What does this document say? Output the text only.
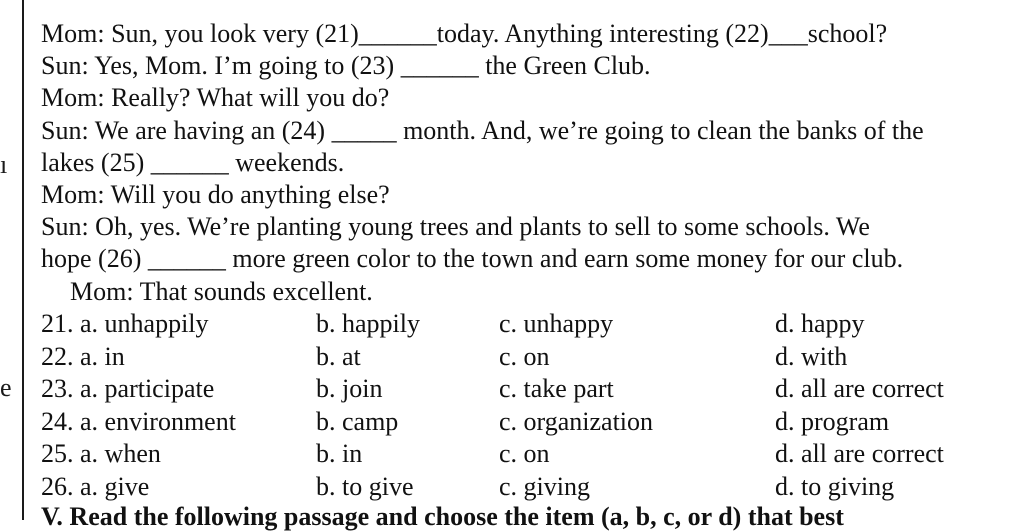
ı
e
Mom: Sun, you look very (21)______today. Anything interesting (22)___school?
Sun: Yes, Mom. I’m going to (23) ______ the Green Club.
Mom: Really? What will you do?
Sun: We are having an (24) _____ month. And, we’re going to clean the banks of the
lakes (25) ______ weekends.
Mom: Will you do anything else?
Sun: Oh, yes. We’re planting young trees and plants to sell to some schools. We
hope (26) ______ more green color to the town and earn some money for our club.
Mom: That sounds excellent.
21. a. unhappily	b. happily	c. unhappy	d. happy
22. a. in	b. at	c. on	d. with
23. a. participate	b. join	c. take part	d. all are correct
24. a. environment	b. camp	c. organization	d. program
25. a. when	b. in	c. on	d. all are correct
26. a. give	b. to give	c. giving	d. to giving
V. Read the following passage and choose the item (a, b, c, or d) that best
